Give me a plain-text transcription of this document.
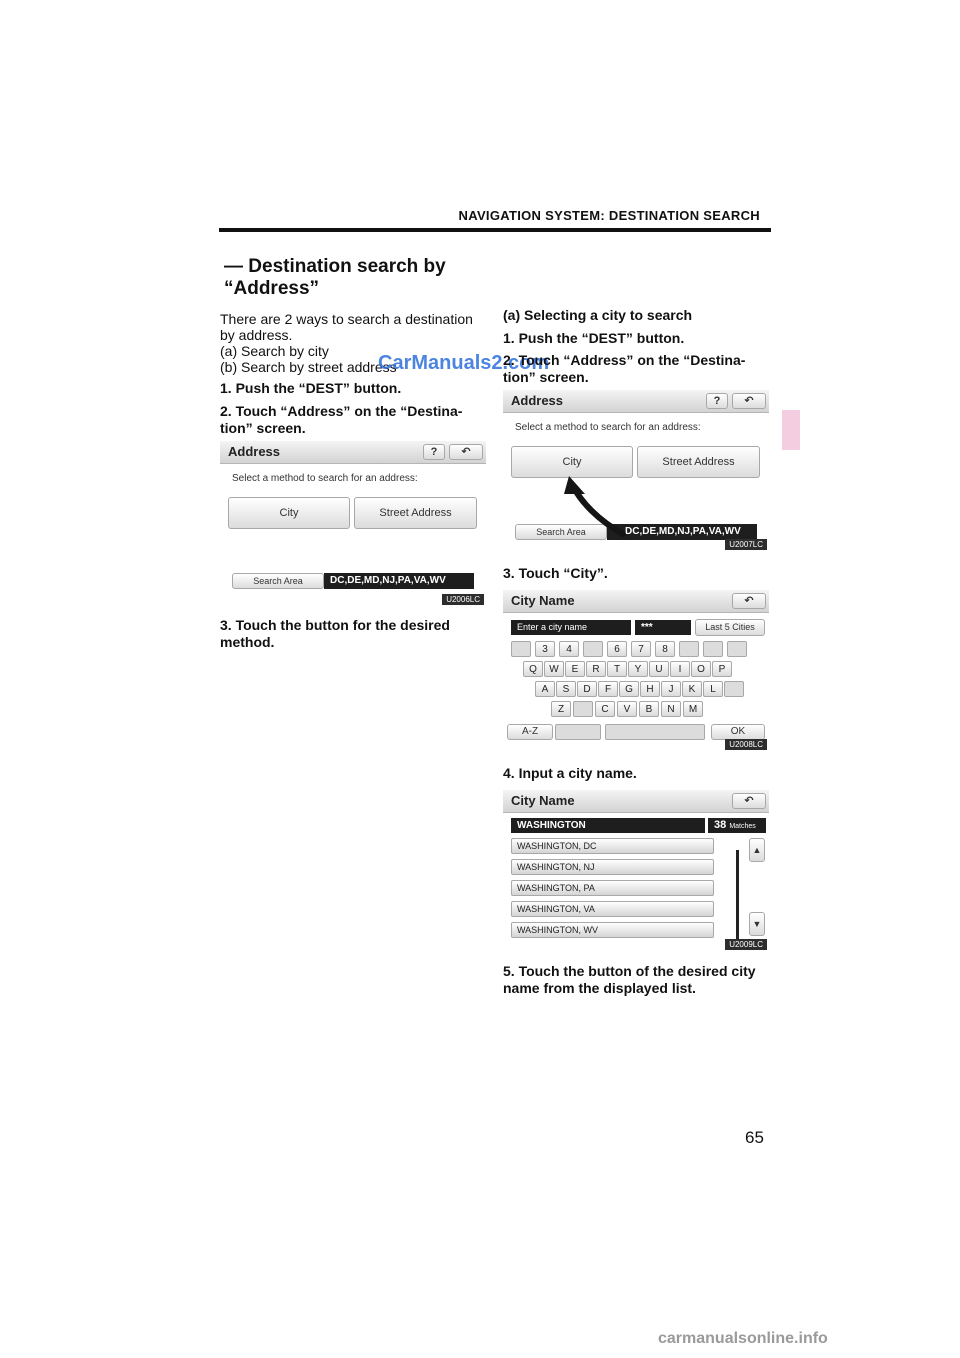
NAVIGATION SYSTEM: DESTINATION SEARCH
— Destination search by
“Address”
There are 2 ways to search a destination
by address.
(a) Search by city
(b) Search by street address
1. Push the “DEST” button.
2. Touch “Address” on the “Destina-
tion” screen.
Address	?	↶
Select a method to search for an address:
City	Street Address
Search Area	DC,DE,MD,NJ,PA,VA,WV
U2006LC
3. Touch the button for the desired
method.
CarManuals2.com
(a) Selecting a city to search
1. Push the “DEST” button.
2. Touch “Address” on the “Destina-
tion” screen.
Address	?	↶
Select a method to search for an address:
City	Street Address
Search Area	DC,DE,MD,NJ,PA,VA,WV
U2007LC
3. Touch “City”.
City Name	↶
Enter a city name	***	Last 5 Cities
3	4	6	7	8
Q	W	E	R	T	Y	U	I	O	P
A	S	D	F	G	H	J	K	L
Z	C	V	B	N	M
A-Z	OK
U2008LC
4. Input a city name.
City Name	↶
WASHINGTON	38 Matches
WASHINGTON, DC
WASHINGTON, NJ
WASHINGTON, PA
WASHINGTON, VA
WASHINGTON, WV
▲
▼
U2009LC
5. Touch the button of the desired city
name from the displayed list.
65
carmanualsonline.info
